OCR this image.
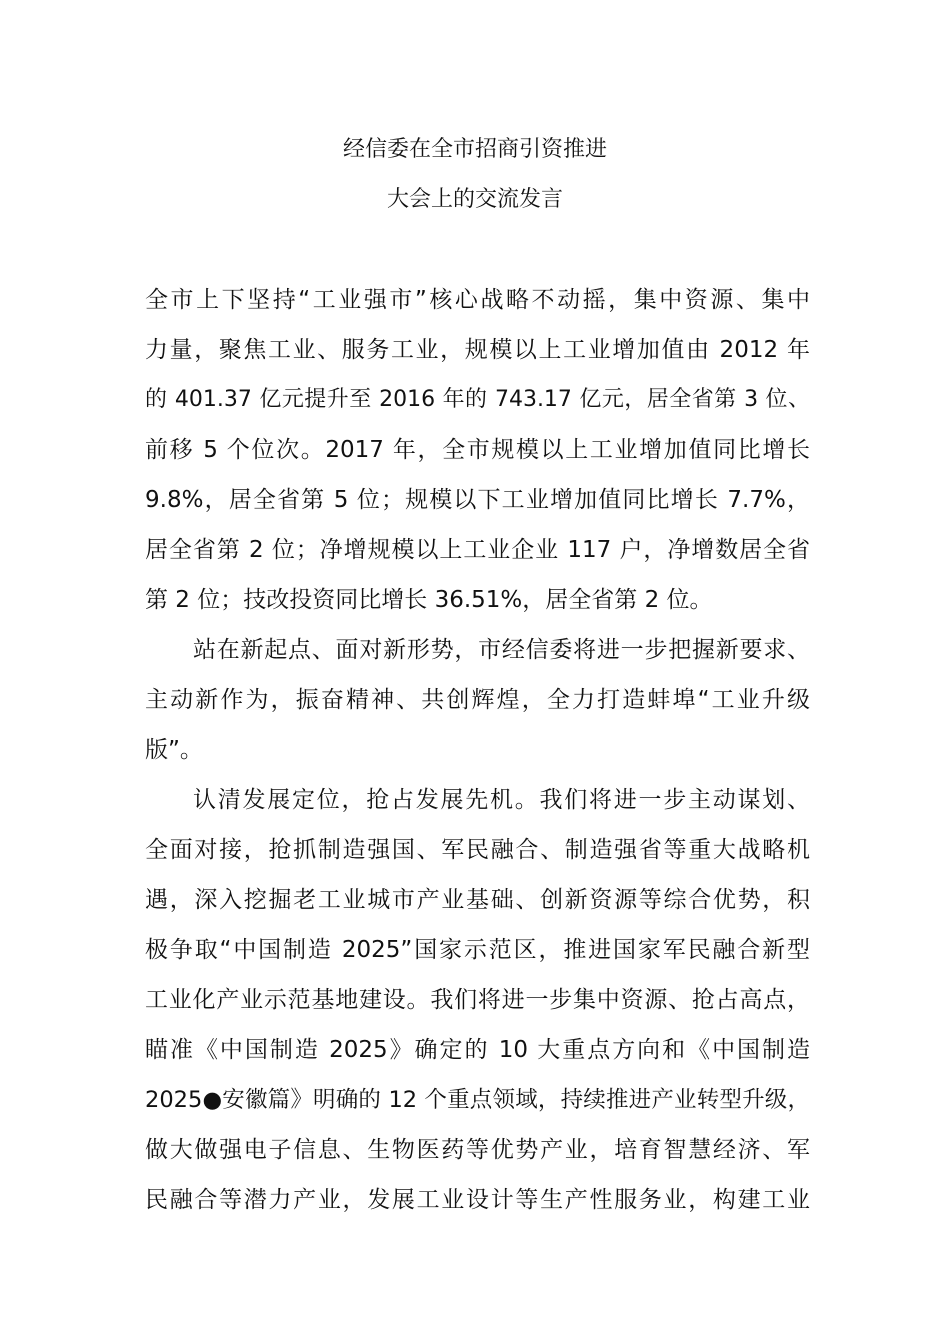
经信委在全市招商引资推进
大会上的交流发言
全市上下坚持“工业强市”核心战略不动摇，集中资源、集中
力量，聚焦工业、服务工业，规模以上工业增加值由 2012 年
的 401.37 亿元提升至 2016 年的 743.17 亿元，居全省第 3 位、
前移 5 个位次。2017 年，全市规模以上工业增加值同比增长
9.8%，居全省第 5 位；规模以下工业增加值同比增长 7.7%，
居全省第 2 位；净增规模以上工业企业 117 户，净增数居全省
第 2 位；技改投资同比增长 36.51%，居全省第 2 位。
站在新起点、面对新形势，市经信委将进一步把握新要求、
主动新作为，振奋精神、共创辉煌，全力打造蚌埠“工业升级
版”。
认清发展定位，抢占发展先机。我们将进一步主动谋划、
全面对接，抢抓制造强国、军民融合、制造强省等重大战略机
遇，深入挖掘老工业城市产业基础、创新资源等综合优势，积
极争取“中国制造 2025”国家示范区，推进国家军民融合新型
工业化产业示范基地建设。我们将进一步集中资源、抢占高点，
瞄准《中国制造 2025》确定的 10 大重点方向和《中国制造
2025●安徽篇》明确的 12 个重点领域，持续推进产业转型升级，
做大做强电子信息、生物医药等优势产业，培育智慧经济、军
民融合等潜力产业，发展工业设计等生产性服务业，构建工业
